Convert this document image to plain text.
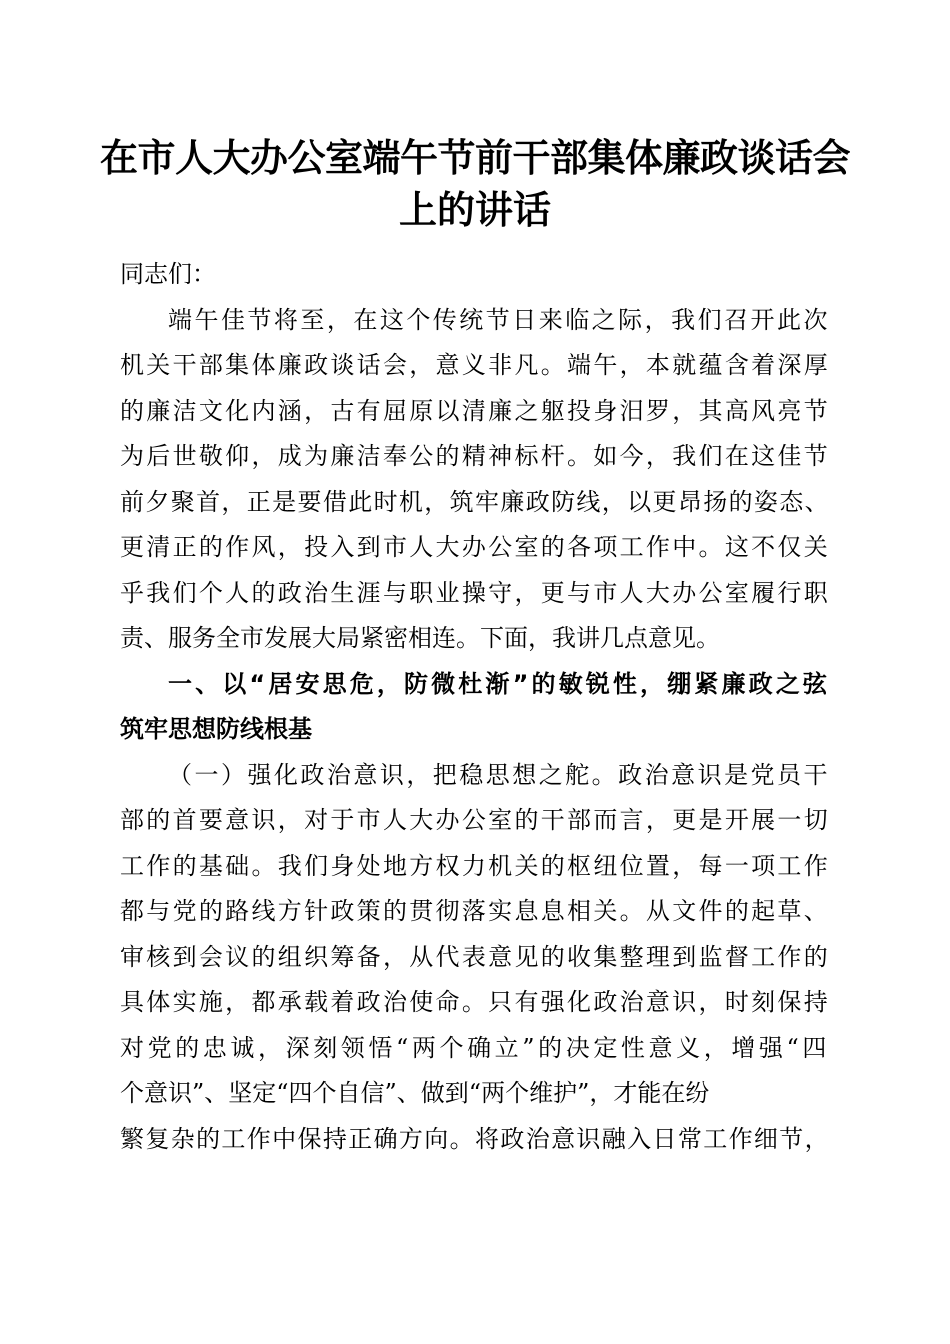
在市人大办公室端午节前干部集体廉政谈话会
上的讲话
同志们：
端午佳节将至，在这个传统节日来临之际，我们召开此次
机关干部集体廉政谈话会，意义非凡。端午，本就蕴含着深厚
的廉洁文化内涵，古有屈原以清廉之躯投身汨罗，其高风亮节
为后世敬仰，成为廉洁奉公的精神标杆。如今，我们在这佳节
前夕聚首，正是要借此时机，筑牢廉政防线，以更昂扬的姿态、
更清正的作风，投入到市人大办公室的各项工作中。这不仅关
乎我们个人的政治生涯与职业操守，更与市人大办公室履行职
责、服务全市发展大局紧密相连。下面，我讲几点意见。
一、以“居安思危，防微杜渐”的敏锐性，绷紧廉政之弦
筑牢思想防线根基
（一）强化政治意识，把稳思想之舵。政治意识是党员干
部的首要意识，对于市人大办公室的干部而言，更是开展一切
工作的基础。我们身处地方权力机关的枢纽位置，每一项工作
都与党的路线方针政策的贯彻落实息息相关。从文件的起草、
审核到会议的组织筹备，从代表意见的收集整理到监督工作的
具体实施，都承载着政治使命。只有强化政治意识，时刻保持
对党的忠诚，深刻领悟“两个确立”的决定性意义，增强“四
个意识”、坚定“四个自信”、做到“两个维护”，才能在纷
繁复杂的工作中保持正确方向。将政治意识融入日常工作细节，
